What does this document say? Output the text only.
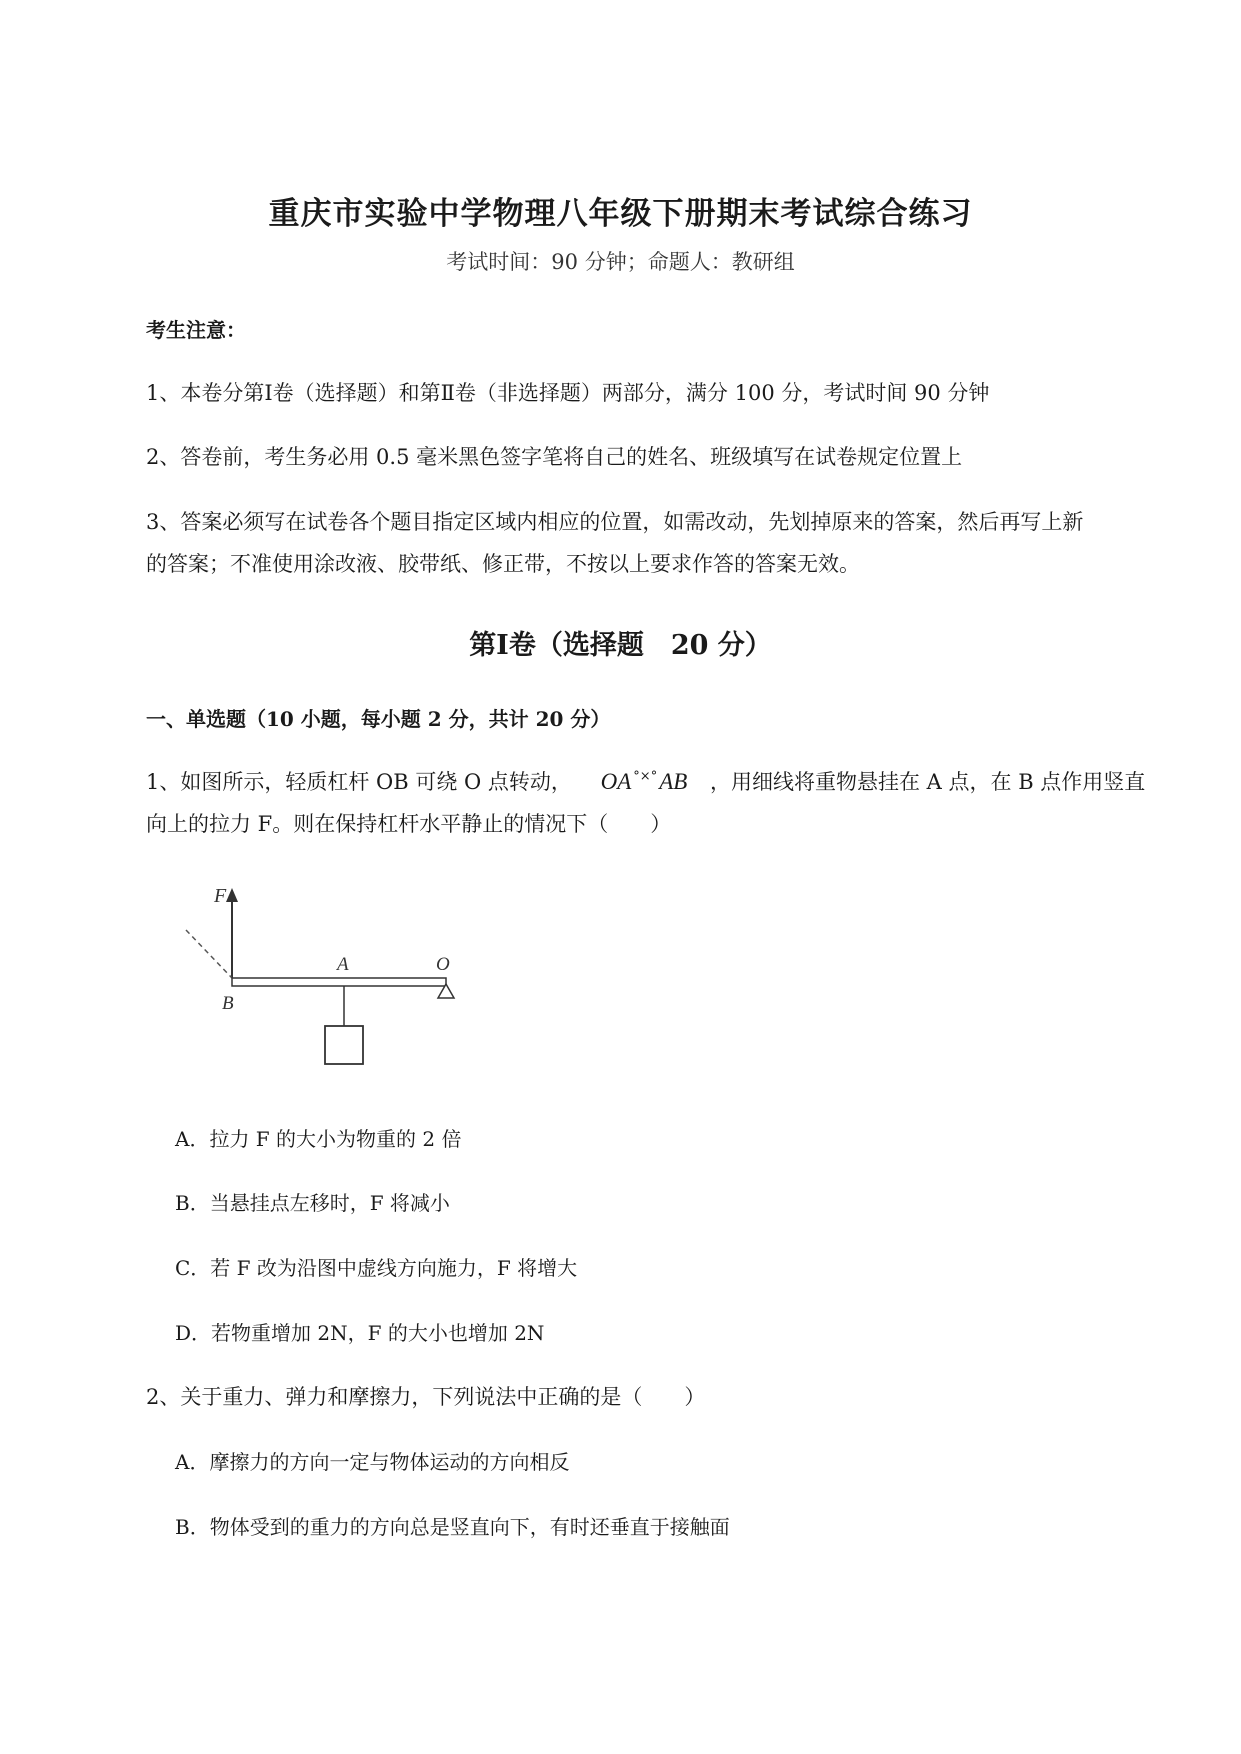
重庆市实验中学物理八年级下册期末考试综合练习
考试时间：90 分钟；命题人：教研组
考生注意：
1、本卷分第Ⅰ卷（选择题）和第Ⅱ卷（非选择题）两部分，满分 100 分，考试时间 90 分钟
2、答卷前，考生务必用 0.5 毫米黑色签字笔将自己的姓名、班级填写在试卷规定位置上
3、答案必须写在试卷各个题目指定区域内相应的位置，如需改动，先划掉原来的答案，然后再写上新
的答案；不准使用涂改液、胶带纸、修正带，不按以上要求作答的答案无效。
第Ⅰ卷（选择题　20 分）
一、单选题（10 小题，每小题 2 分，共计 20 分）
1、如图所示，轻质杠杆 OB 可绕 O 点转动， OA °×°AB ，用细线将重物悬挂在 A 点，在 B 点作用竖直
向上的拉力 F。则在保持杠杆水平静止的情况下（　　）
F
B
A	O
A．拉力 F 的大小为物重的 2 倍
B．当悬挂点左移时，F 将减小
C．若 F 改为沿图中虚线方向施力，F 将增大
D．若物重增加 2N，F 的大小也增加 2N
2、关于重力、弹力和摩擦力，下列说法中正确的是（　　）
A．摩擦力的方向一定与物体运动的方向相反
B．物体受到的重力的方向总是竖直向下，有时还垂直于接触面
